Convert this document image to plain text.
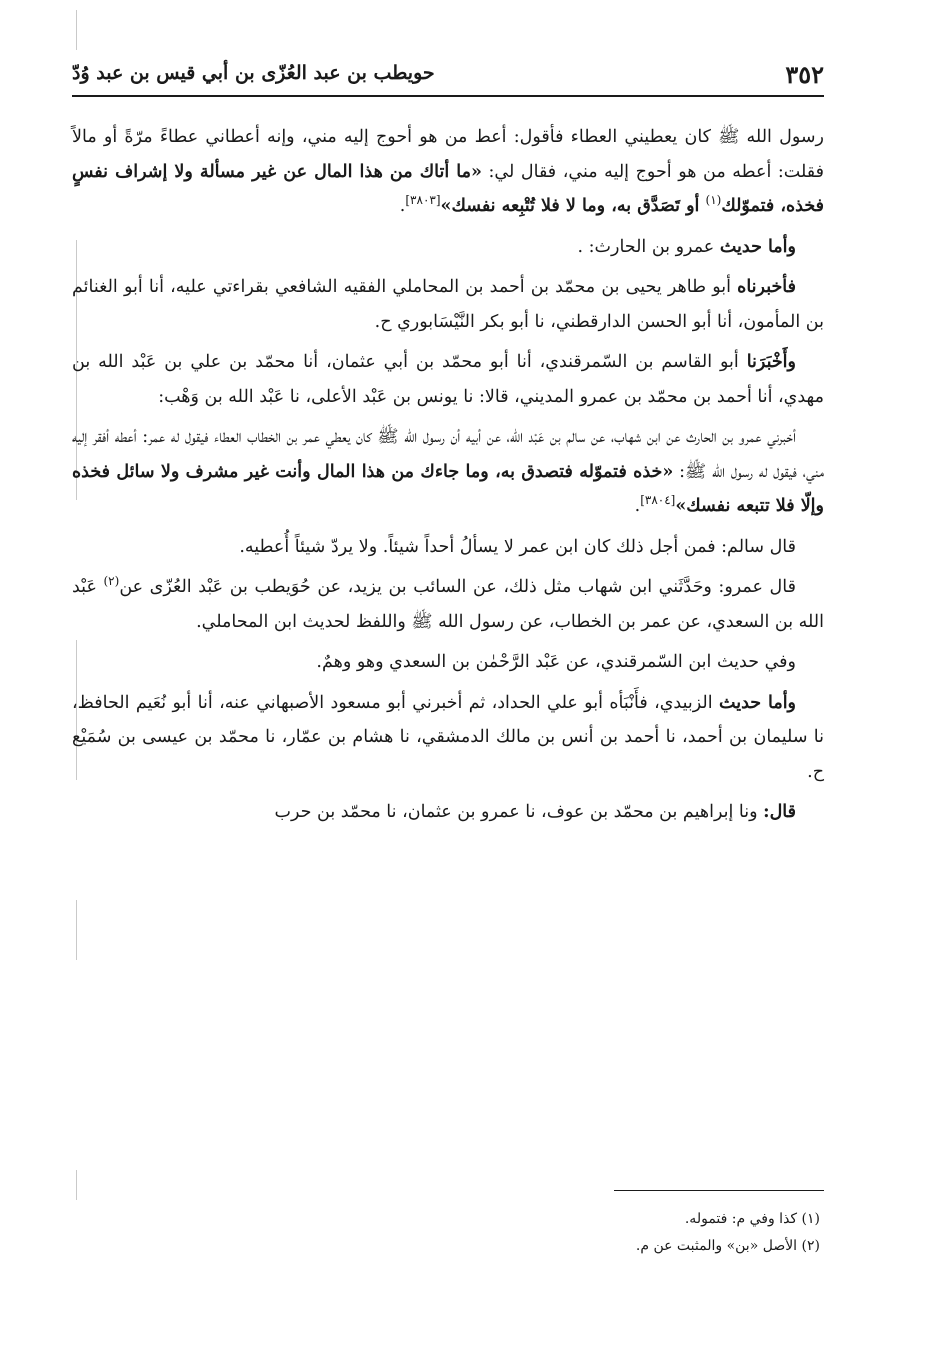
٣٥٢
حويطب بن عبد العُزّى بن أبي قيس بن عبد وُدّ

رسول الله ﷺ كان يعطيني العطاء فأقول: أعط من هو أحوج إليه مني، وإنه أعطاني عطاءً مرّةً أو مالاً فقلت: أعطه من هو أحوج إليه مني، فقال لي: «ما أتاك من هذا المال عن غير مسألة ولا إشراف نفسٍ فخذه، فتموّلك$^{(١)}$ أو تَصَدَّق به، وما لا فلا تُتْبِعه نفسك»[٣٨٠٣].

وأما حديث عمرو بن الحارث: .

فأخبرناه أبو طاهر يحيى بن محمّد بن أحمد بن المحاملي الفقيه الشافعي بقراءتي عليه، أنا أبو الغنائم بن المأمون، أنا أبو الحسن الدارقطني، نا أبو بكر النَّيْسَابوري ح.

وأَخْبَرَنا أبو القاسم بن السّمرقندي، أنا أبو محمّد بن أبي عثمان، أنا محمّد بن علي بن عَبْد الله بن مهدي، أنا أحمد بن محمّد بن عمرو المديني، قالا: نا يونس بن عَبْد الأعلى، نا عَبْد الله بن وَهْب:

أخبرني عمرو بن الحارث عن ابن شهاب، عن سالم بن عَبْد الله، عن أبيه أن رسول الله ﷺ كان يعطي عمر بن الخطاب العطاء فيقول له عمر: أعطه أفقر إليه مني، فيقول له رسول الله ﷺ: «خذه فتموّله فتصدق به، وما جاءك من هذا المال وأنت غير مشرف ولا سائل فخذه وإلّا فلا تتبعه نفسك»[٣٨٠٤].

قال سالم: فمن أجل ذلك كان ابن عمر لا يسألُ أحداً شيئاً. ولا يردّ شيئاً أُعطيه.

قال عمرو: وحَدَّثَني ابن شهاب مثل ذلك، عن السائب بن يزيد، عن حُوَيطب بن عَبْد العُزّى عن$^{(٢)}$ عَبْد الله بن السعدي، عن عمر بن الخطاب، عن رسول الله ﷺ واللفظ لحديث ابن المحاملي.

وفي حديث ابن السّمرقندي، عن عَبْد الرَّحْمٰن بن السعدي وهو وهمٌ.

وأما حديث الزبيدي، فأَنْبَأه أبو علي الحداد، ثم أخبرني أبو مسعود الأصبهاني عنه، أنا أبو نُعَيم الحافظ، نا سليمان بن أحمد، نا أحمد بن أنس بن مالك الدمشقي، نا هشام بن عمّار، نا محمّد بن عيسى بن سُمَيْع ح.

قال: ونا إبراهيم بن محمّد بن عوف، نا عمرو بن عثمان، نا محمّد بن حرب

(١) كذا وفي م: فتموله.

(٢) الأصل «بن» والمثبت عن م.
